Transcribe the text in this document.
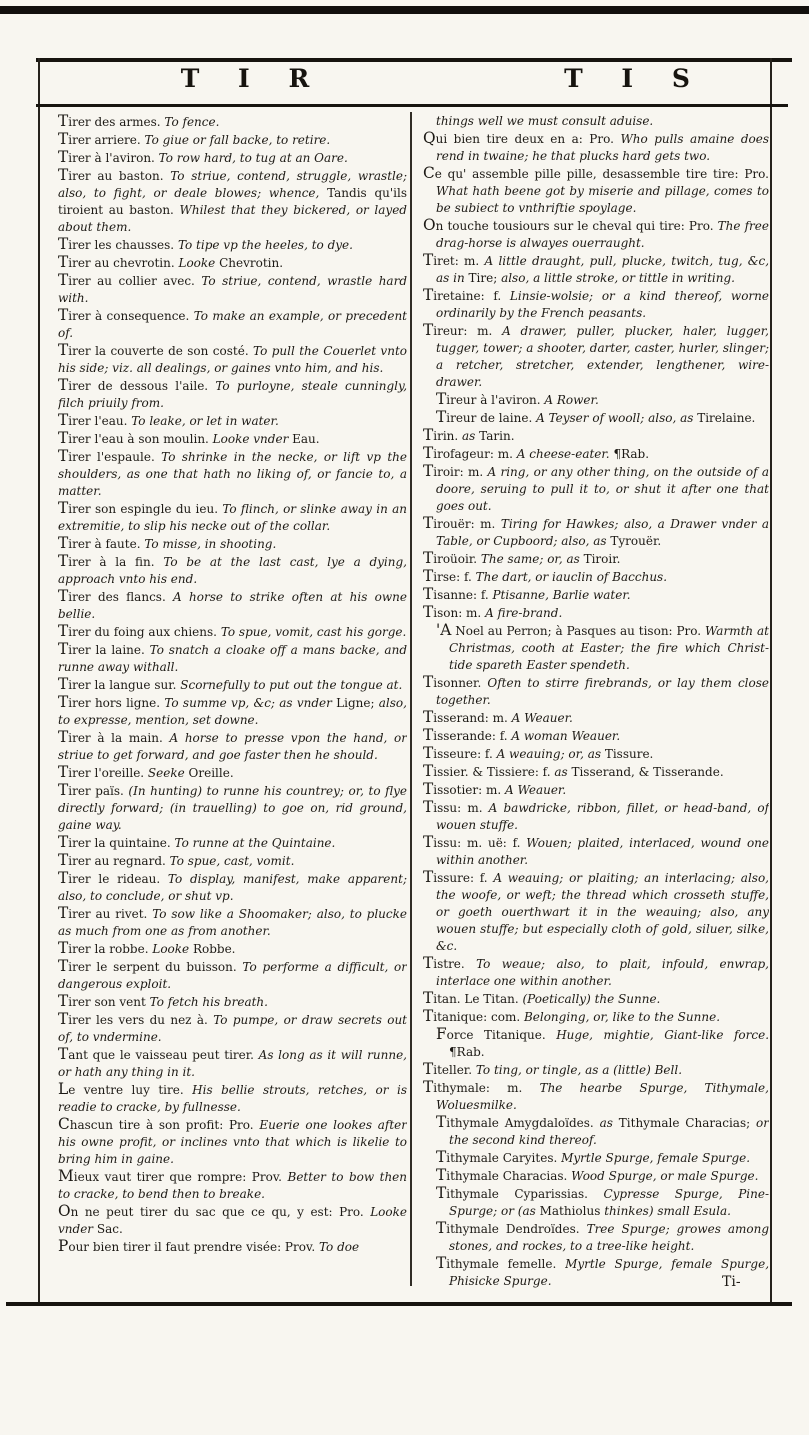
T I R	T I S
Tirer des armes. To fence.
Tirer arriere. To giue or fall backe, to retire.
Tirer à l'aviron. To row hard, to tug at an Oare.
Tirer au baston. To striue, contend, struggle, wrastle; also, to fight, or deale blowes; whence, Tandis qu'ils tiroient au baston. Whilest that they bickered, or layed about them.
Tirer les chausses. To tipe vp the heeles, to dye.
Tirer au chevrotin. Looke Chevrotin.
Tirer au collier avec. To striue, contend, wrastle hard with.
Tirer à consequence. To make an example, or precedent of.
Tirer la couverte de son costé. To pull the Couerlet vnto his side; viz. all dealings, or gaines vnto him, and his.
Tirer de dessous l'aile. To purloyne, steale cunningly, filch priuily from.
Tirer l'eau. To leake, or let in water.
Tirer l'eau à son moulin. Looke vnder Eau.
Tirer l'espaule. To shrinke in the necke, or lift vp the shoulders, as one that hath no liking of, or fancie to, a matter.
Tirer son espingle du ieu. To flinch, or slinke away in an extremitie, to slip his necke out of the collar.
Tirer à faute. To misse, in shooting.
Tirer à la fin. To be at the last cast, lye a dying, approach vnto his end.
Tirer des flancs. A horse to strike often at his owne bellie.
Tirer du foing aux chiens. To spue, vomit, cast his gorge.
Tirer la laine. To snatch a cloake off a mans backe, and runne away withall.
Tirer la langue sur. Scornefully to put out the tongue at.
Tirer hors ligne. To summe vp, &c; as vnder Ligne; also, to expresse, mention, set downe.
Tirer à la main. A horse to presse vpon the hand, or striue to get forward, and goe faster then he should.
Tirer l'oreille. Seeke Oreille.
Tirer païs. (In hunting) to runne his countrey; or, to flye directly forward; (in trauelling) to goe on, rid ground, gaine way.
Tirer la quintaine. To runne at the Quintaine.
Tirer au regnard. To spue, cast, vomit.
Tirer le rideau. To display, manifest, make apparent; also, to conclude, or shut vp.
Tirer au rivet. To sow like a Shoomaker; also, to plucke as much from one as from another.
Tirer la robbe. Looke Robbe.
Tirer le serpent du buisson. To performe a difficult, or dangerous exploit.
Tirer son vent To fetch his breath.
Tirer les vers du nez à. To pumpe, or draw secrets out of, to vndermine.
Tant que le vaisseau peut tirer. As long as it will runne, or hath any thing in it.
Le ventre luy tire. His bellie strouts, retches, or is readie to cracke, by fullnesse.
Chascun tire à son profit: Pro. Euerie one lookes after his owne profit, or inclines vnto that which is likelie to bring him in gaine.
Mieux vaut tirer que rompre: Prov. Better to bow then to cracke, to bend then to breake.
On ne peut tirer du sac que ce qu, y est: Pro. Looke vnder Sac.
Pour bien tirer il faut prendre visée: Prov. To doe
things well we must consult aduise.
Qui bien tire deux en a: Pro. Who pulls amaine does rend in twaine; he that plucks hard gets two.
Ce qu' assemble pille pille, desassemble tire tire: Pro. What hath beene got by miserie and pillage, comes to be subiect to vnthriftie spoylage.
On touche tousiours sur le cheval qui tire: Pro. The free drag-horse is alwayes ouerraught.
Tiret: m. A little draught, pull, plucke, twitch, tug, &c, as in Tire; also, a little stroke, or tittle in writing.
Tiretaine: f. Linsie-wolsie; or a kind thereof, worne ordinarily by the French peasants.
Tireur: m. A drawer, puller, plucker, haler, lugger, tugger, tower; a shooter, darter, caster, hurler, slinger; a retcher, stretcher, extender, lengthener, wire-drawer.
Tireur à l'aviron. A Rower.
Tireur de laine. A Teyser of wooll; also, as Tirelaine.
Tirin. as Tarin.
Tirofageur: m. A cheese-eater. ¶Rab.
Tiroir: m. A ring, or any other thing, on the outside of a doore, seruing to pull it to, or shut it after one that goes out.
Tirouër: m. Tiring for Hawkes; also, a Drawer vnder a Table, or Cupboord; also, as Tyrouër.
Tiroüoir. The same; or, as Tiroir.
Tirse: f. The dart, or iauclin of Bacchus.
Tisanne: f. Ptisanne, Barlie water.
Tison: m. A fire-brand.
'A Noel au Perron; à Pasques au tison: Pro. Warmth at Christmas, cooth at Easter; the fire which Christ-tide spareth Easter spendeth.
Tisonner. Often to stirre firebrands, or lay them close together.
Tisserand: m. A Weauer.
Tisserande: f. A woman Weauer.
Tisseure: f. A weauing; or, as Tissure.
Tissier. & Tissiere: f. as Tisserand, & Tisserande.
Tissotier: m. A Weauer.
Tissu: m. A bawdricke, ribbon, fillet, or head-band, of wouen stuffe.
Tissu: m. uë: f. Wouen; plaited, interlaced, wound one within another.
Tissure: f. A weauing; or plaiting; an interlacing; also, the woofe, or weft; the thread which crosseth stuffe, or goeth ouerthwart it in the weauing; also, any wouen stuffe; but especially cloth of gold, siluer, silke, &c.
Tistre. To weaue; also, to plait, infould, enwrap, interlace one within another.
Titan. Le Titan. (Poetically) the Sunne.
Titanique: com. Belonging, or, like to the Sunne.
Force Titanique. Huge, mightie, Giant-like force. ¶Rab.
Titeller. To ting, or tingle, as a (little) Bell.
Tithymale: m. The hearbe Spurge, Tithymale, Woluesmilke.
Tithymale Amygdaloïdes. as Tithymale Characias; or the second kind thereof.
Tithymale Caryites. Myrtle Spurge, female Spurge.
Tithymale Characias. Wood Spurge, or male Spurge.
Tithymale Cyparissias. Cypresse Spurge, Pine-Spurge; or (as Mathiolus thinkes) small Esula.
Tithymale Dendroïdes. Tree Spurge; growes among stones, and rockes, to a tree-like height.
Tithymale femelle. Myrtle Spurge, female Spurge, Phisicke Spurge.	Ti-
